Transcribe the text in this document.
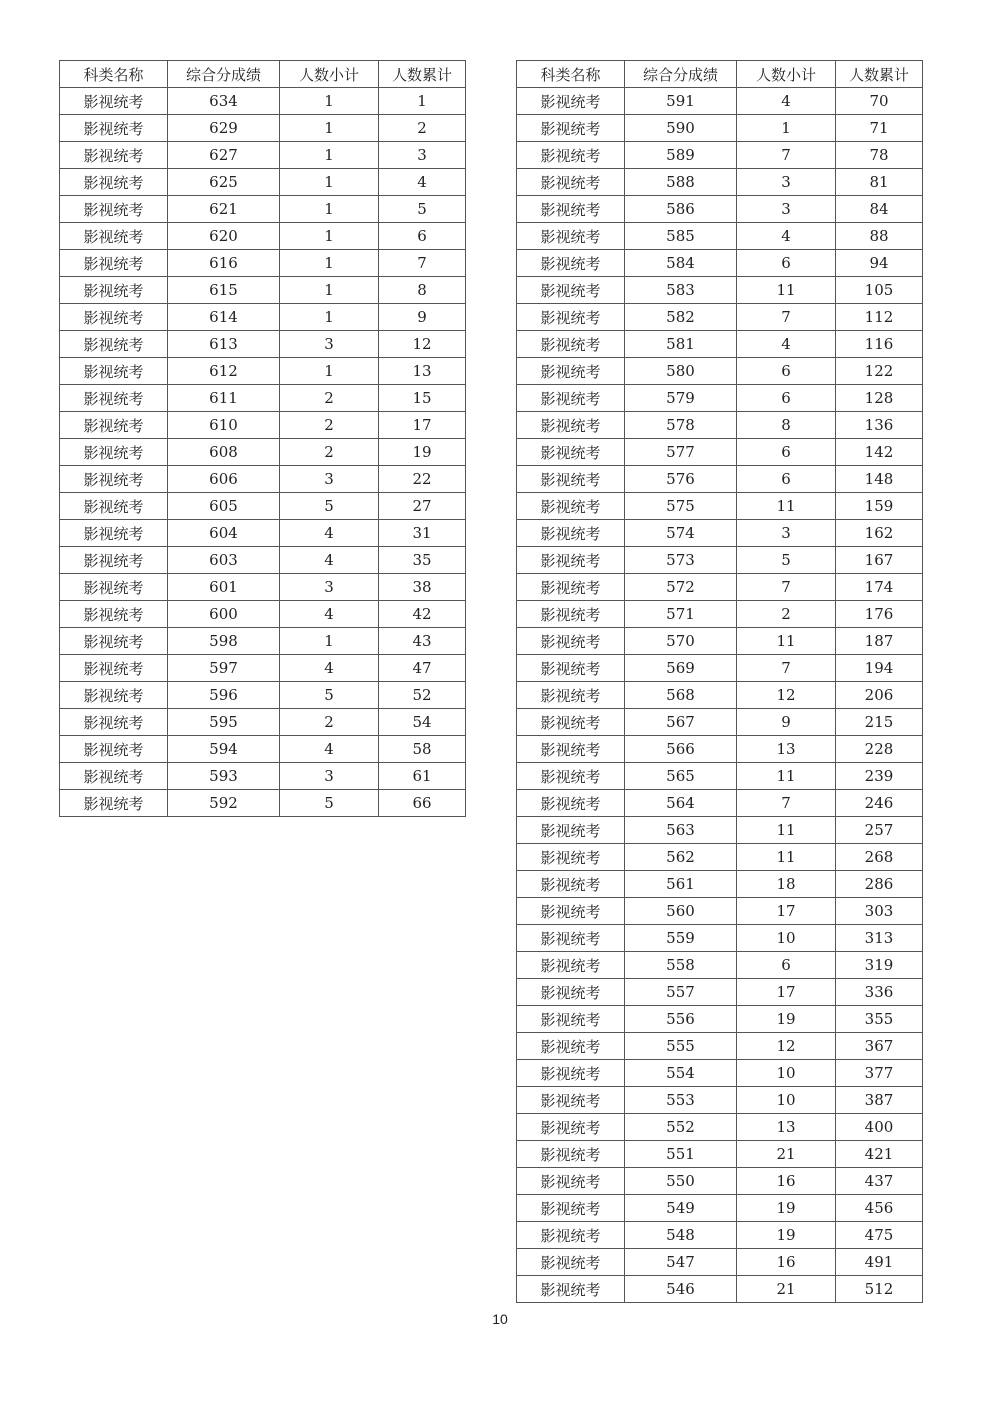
科类名称	综合分成绩	人数小计	人数累计
影视统考	634	1	1
影视统考	629	1	2
影视统考	627	1	3
影视统考	625	1	4
影视统考	621	1	5
影视统考	620	1	6
影视统考	616	1	7
影视统考	615	1	8
影视统考	614	1	9
影视统考	613	3	12
影视统考	612	1	13
影视统考	611	2	15
影视统考	610	2	17
影视统考	608	2	19
影视统考	606	3	22
影视统考	605	5	27
影视统考	604	4	31
影视统考	603	4	35
影视统考	601	3	38
影视统考	600	4	42
影视统考	598	1	43
影视统考	597	4	47
影视统考	596	5	52
影视统考	595	2	54
影视统考	594	4	58
影视统考	593	3	61
影视统考	592	5	66
科类名称	综合分成绩	人数小计	人数累计
影视统考	591	4	70
影视统考	590	1	71
影视统考	589	7	78
影视统考	588	3	81
影视统考	586	3	84
影视统考	585	4	88
影视统考	584	6	94
影视统考	583	11	105
影视统考	582	7	112
影视统考	581	4	116
影视统考	580	6	122
影视统考	579	6	128
影视统考	578	8	136
影视统考	577	6	142
影视统考	576	6	148
影视统考	575	11	159
影视统考	574	3	162
影视统考	573	5	167
影视统考	572	7	174
影视统考	571	2	176
影视统考	570	11	187
影视统考	569	7	194
影视统考	568	12	206
影视统考	567	9	215
影视统考	566	13	228
影视统考	565	11	239
影视统考	564	7	246
影视统考	563	11	257
影视统考	562	11	268
影视统考	561	18	286
影视统考	560	17	303
影视统考	559	10	313
影视统考	558	6	319
影视统考	557	17	336
影视统考	556	19	355
影视统考	555	12	367
影视统考	554	10	377
影视统考	553	10	387
影视统考	552	13	400
影视统考	551	21	421
影视统考	550	16	437
影视统考	549	19	456
影视统考	548	19	475
影视统考	547	16	491
影视统考	546	21	512
10
